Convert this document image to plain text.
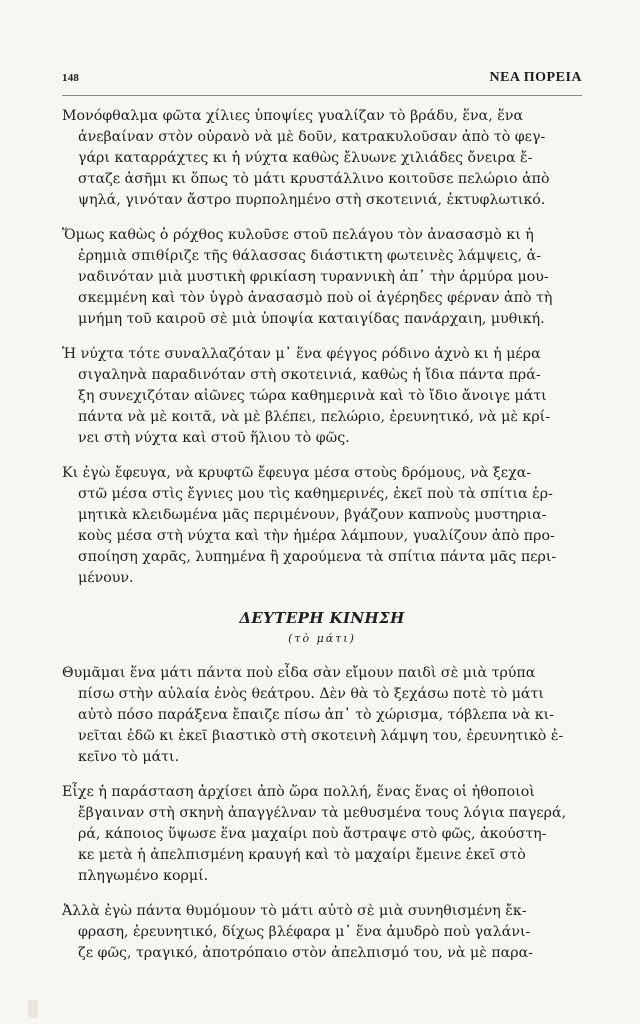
148	ΝΕΑ ΠΟΡΕΙΑ
Μονόφθαλμα φῶτα χίλιες ὑποψίες γυαλίζαν τὸ βράδυ, ἕνα, ἕνα
ἀνεβαίναν στὸν οὐρανὸ νὰ μὲ δοῦν, κατρακυλοῦσαν ἀπὸ τὸ φεγ-
γάρι καταρράχτες κι ἡ νύχτα καθὼς ἔλυωνε χιλιάδες ὄνειρα ἔ-
σταζε ἀσῆμι κι ὅπως τὸ μάτι κρυστάλλινο κοιτοῦσε πελώριο ἀπὸ
ψηλά, γινόταν ἄστρο πυρπολημένο στὴ σκοτεινιά, ἐκτυφλωτικό.
Ὅμως καθὼς ὁ ρόχθος κυλοῦσε στοῦ πελάγου τὸν ἀνασασμὸ κι ἡ
ἐρημιὰ σπιθίριζε τῆς θάλασσας διάστικτη φωτεινὲς λάμψεις, ἀ-
ναδινόταν μιὰ μυστικὴ φρικίαση τυραννικὴ ἀπ᾿ τὴν ἁρμύρα μου-
σκεμμένη καὶ τὸν ὑγρὸ ἀνασασμὸ ποὺ οἱ ἀγέρηδες φέρναν ἀπὸ τὴ
μνήμη τοῦ καιροῦ σὲ μιὰ ὑποψία καταιγίδας πανάρχαιη, μυθική.
Ἡ νύχτα τότε συναλλαζόταν μ᾿ ἕνα φέγγος ρόδινο ἀχνὸ κι ἡ μέρα
σιγαληνὰ παραδινόταν στὴ σκοτεινιά, καθὼς ἡ ἴδια πάντα πρά-
ξη συνεχιζόταν αἰῶνες τώρα καθημερινὰ καὶ τὸ ἴδιο ἄνοιγε μάτι
πάντα νὰ μὲ κοιτᾶ, νὰ μὲ βλέπει, πελώριο, ἐρευνητικό, νὰ μὲ κρί-
νει στὴ νύχτα καὶ στοῦ ἥλιου τὸ φῶς.
Κι ἐγὼ ἔφευγα, νὰ κρυφτῶ ἔφευγα μέσα στοὺς δρόμους, νὰ ξεχα-
στῶ μέσα στὶς ἔγνιες μου τὶς καθημερινές, ἐκεῖ ποὺ τὰ σπίτια ἑρ-
μητικὰ κλειδωμένα μᾶς περιμένουν, βγάζουν καπνοὺς μυστηρια-
κοὺς μέσα στὴ νύχτα καὶ τὴν ἡμέρα λάμπουν, γυαλίζουν ἀπὸ προ-
σποίηση χαρᾶς, λυπημένα ἢ χαρούμενα τὰ σπίτια πάντα μᾶς περι-
μένουν.
ΔΕΥΤΕΡΗ ΚΙΝΗΣΗ
(τὸ μάτι)
Θυμᾶμαι ἕνα μάτι πάντα ποὺ εἶδα σὰν εἴμουν παιδὶ σὲ μιὰ τρύπα
πίσω στὴν αὐλαία ἑνὸς θεάτρου. Δὲν θὰ τὸ ξεχάσω ποτὲ τὸ μάτι
αὐτὸ πόσο παράξενα ἔπαιζε πίσω ἀπ᾿ τὸ χώρισμα, τόβλεπα νὰ κι-
νεῖται ἐδῶ κι ἐκεῖ βιαστικὸ στὴ σκοτεινὴ λάμψη του, ἐρευνητικὸ ἐ-
κεῖνο τὸ μάτι.
Εἶχε ἡ παράσταση ἀρχίσει ἀπὸ ὥρα πολλή, ἕνας ἕνας οἱ ἠθοποιοὶ
ἔβγαιναν στὴ σκηνὴ ἀπαγγέλναν τὰ μεθυσμένα τους λόγια παγερά,
ρά, κάποιος ὕψωσε ἕνα μαχαίρι ποὺ ἄστραψε στὸ φῶς, ἀκούστη-
κε μετὰ ἡ ἀπελπισμένη κραυγή καὶ τὸ μαχαίρι ἔμεινε ἐκεῖ στὸ
πληγωμένο κορμί.
Ἀλλὰ ἐγὼ πάντα θυμόμουν τὸ μάτι αὐτὸ σὲ μιὰ συνηθισμένη ἔκ-
φραση, ἐρευνητικό, δίχως βλέφαρα μ᾿ ἕνα ἀμυδρὸ ποὺ γαλάνι-
ζε φῶς, τραγικό, ἀποτρόπαιο στὸν ἀπελπισμό του, νὰ μὲ παρα-
